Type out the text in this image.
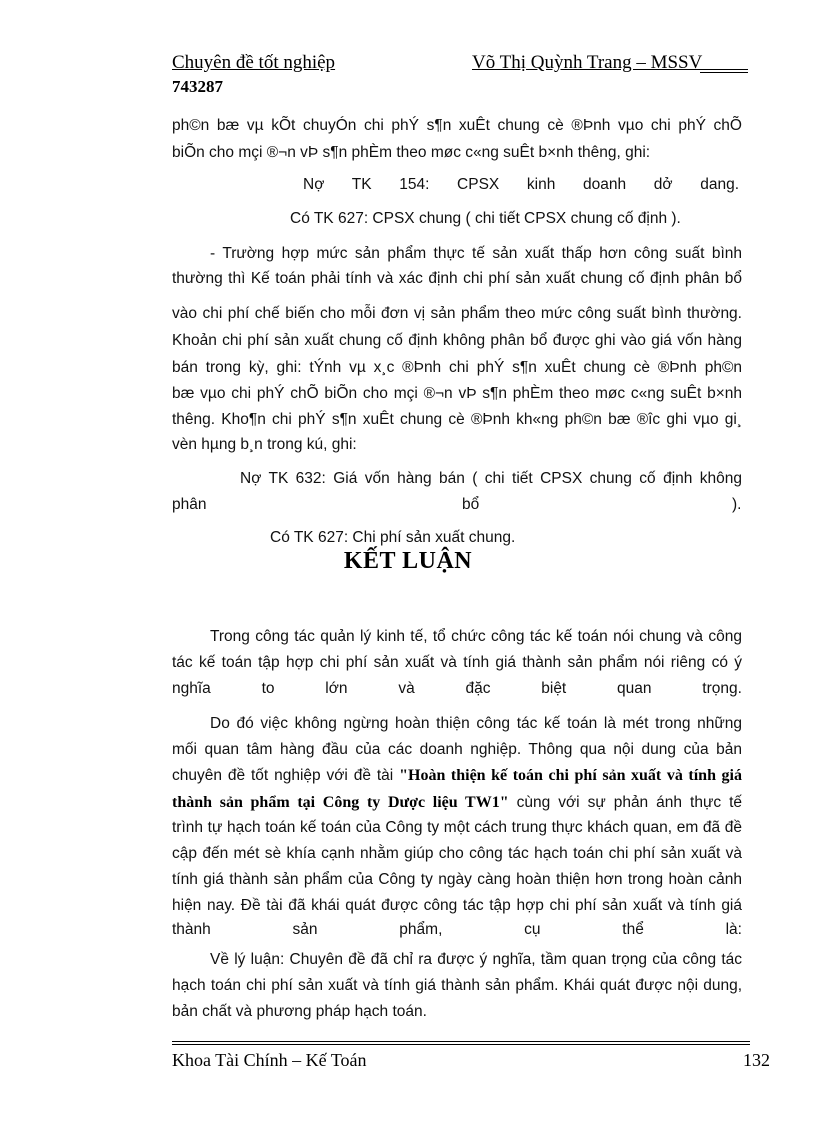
Chuyên đề tốt nghiệp	Võ Thị Quỳnh Trang – MSSV
743287
ph©n bæ vµ kÕt chuyÓn chi phÝ s¶n xuÊt chung cè ®Þnh vµo chi phÝ chÕ
biÕn cho mçi ®¬n vÞ s¶n phÈm theo møc c«ng suÊt b×nh thêng, ghi:
Nợ TK 154: CPSX kinh doanh dở dang.
Có TK 627: CPSX chung ( chi tiết CPSX chung cố định ).
- Trường hợp mức sản phẩm thực tế sản xuất thấp hơn công suất bình
thường thì Kế toán phải tính và xác định chi phí sản xuất chung cố định phân bổ
vào chi phí chế biến cho mỗi đơn vị sản phẩm theo mức công suất bình thường.
Khoản chi phí sản xuất chung cố định không phân bổ được ghi vào giá vốn hàng
bán trong kỳ, ghi: tÝnh vµ x¸c ®Þnh chi phÝ s¶n xuÊt chung cè ®Þnh ph©n
bæ vµo chi phÝ chÕ biÕn cho mçi ®¬n vÞ s¶n phÈm theo møc c«ng suÊt b×nh
thêng. Kho¶n chi phÝ s¶n xuÊt chung cè ®Þnh kh«ng ph©n bæ ®îc ghi vµo gi¸
vèn hµng b¸n trong kú, ghi:
Nợ TK 632: Giá vốn hàng bán ( chi tiết CPSX chung cố định không
phân	bổ	).
Có TK 627: Chi phí sản xuất chung.
KẾT LUẬN
Trong công tác quản lý kinh tế, tổ chức công tác kế toán nói chung và công
tác kế toán tập hợp chi phí sản xuất và tính giá thành sản phẩm nói riêng có ý
nghĩa	to	lớn	và	đặc	biệt	quan	trọng.
Do đó việc không ngừng hoàn thiện công tác kế toán là mét trong những
mối quan tâm hàng đầu của các doanh nghiệp. Thông qua nội dung của bản
chuyên đề tốt nghiệp với đề tài "Hoàn thiện kế toán chi phí sản xuất và tính giá
thành sản phẩm tại Công ty Dược liệu TW1" cùng với sự phản ánh thực tế
trình tự hạch toán kế toán của Công ty một cách trung thực khách quan, em đã đề
cập đến mét sè khía cạnh nhằm giúp cho công tác hạch toán chi phí sản xuất và
tính giá thành sản phẩm của Công ty ngày càng hoàn thiện hơn trong hoàn cảnh
hiện nay. Đề tài đã khái quát được công tác tập hợp chi phí sản xuất và tính giá
thành	sản	phẩm,	cụ	thể	là:
Về lý luận: Chuyên đề đã chỉ ra được ý nghĩa, tầm quan trọng của công tác
hạch toán chi phí sản xuất và tính giá thành sản phẩm. Khái quát được nội dung,
bản chất và phương pháp hạch toán.
Khoa Tài Chính – Kế Toán	132
